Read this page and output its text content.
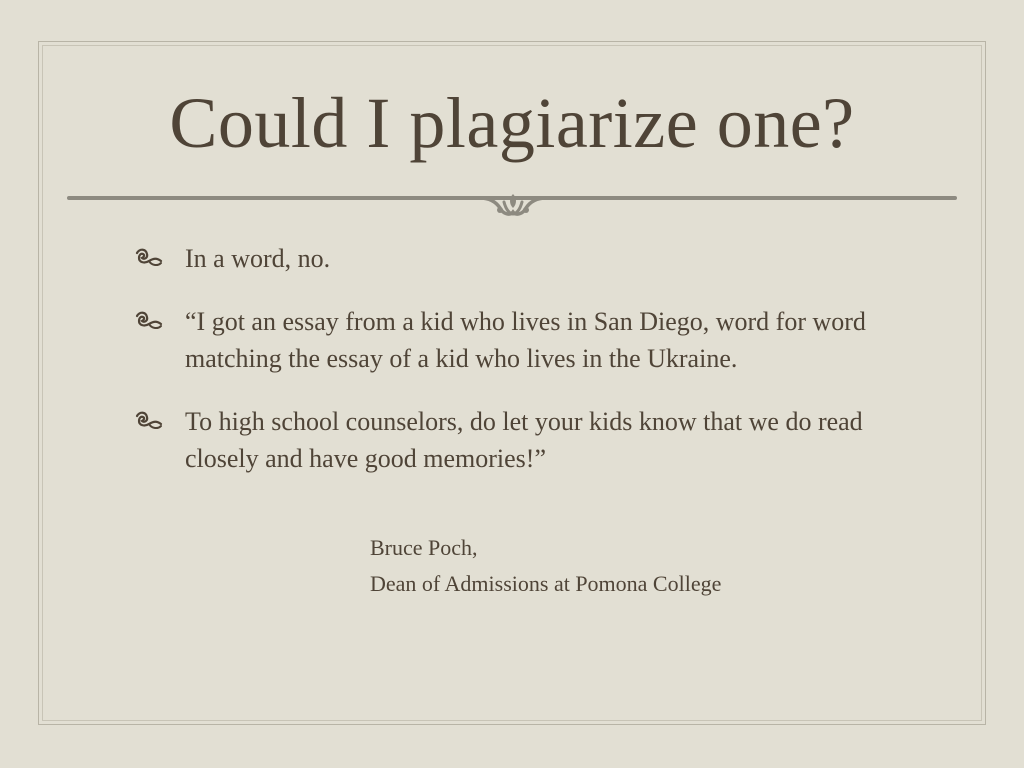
Could I plagiarize one?
In a word, no.
“I got an essay from a kid who lives in San Diego, word for word matching the essay of a kid who lives in the Ukraine.
To high school counselors, do let your kids know that we do read closely and have good memories!”
Bruce Poch,
Dean of Admissions at Pomona College
